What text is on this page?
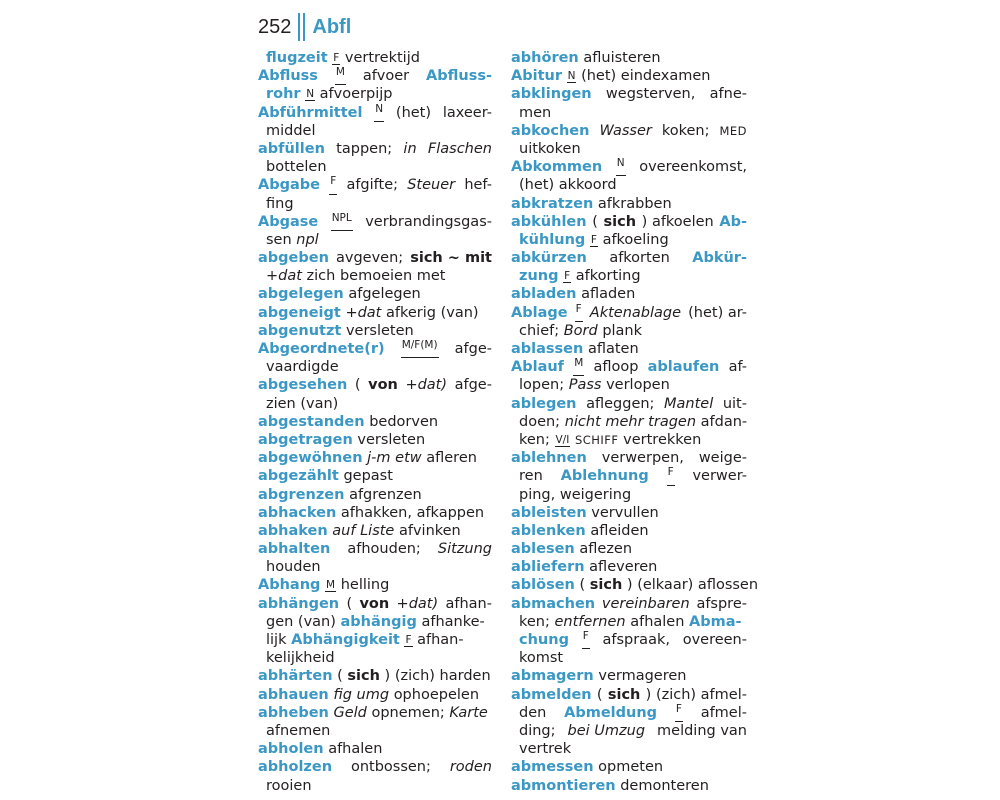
252 Abfl
flugzeit F vertrektijd
Abfluss M afvoer Abfluss-
rohr N afvoerpijp
Abführmittel N (het) laxeer-
middel
abfüllen tappen; in Flaschen
bottelen
Abgabe F afgifte; Steuer hef-
fing
Abgase NPL verbrandingsgas-
sen npl
abgeben avgeven; sich ~ mit
+dat zich bemoeien met
abgelegen afgelegen
abgeneigt +dat afkerig (van)
abgenutzt versleten
Abgeordnete(r) M/F(M) afge-
vaardigde
abgesehen ( von +dat) afge-
zien (van)
abgestanden bedorven
abgetragen versleten
abgewöhnen j-m etw afleren
abgezählt gepast
abgrenzen afgrenzen
abhacken afhakken, afkappen
abhaken auf Liste afvinken
abhalten afhouden; Sitzung
houden
Abhang M helling
abhängen ( von +dat) afhan-
gen (van) abhängig afhanke-
lijk Abhängigkeit F afhan-
kelijkheid
abhärten ( sich ) (zich) harden
abhauen fig umg ophoepelen
abheben Geld opnemen; Karte
afnemen
abholen afhalen
abholzen ontbossen; roden
rooien
abhören afluisteren
Abitur N (het) eindexamen
abklingen wegsterven, afne-
men
abkochen Wasser koken; MED
uitkoken
Abkommen N overeenkomst,
(het) akkoord
abkratzen afkrabben
abkühlen ( sich ) afkoelen Ab-
kühlung F afkoeling
abkürzen afkorten Abkür-
zung F afkorting
abladen afladen
Ablage F Aktenablage (het) ar-
chief; Bord plank
ablassen aflaten
Ablauf M afloop ablaufen af-
lopen; Pass verlopen
ablegen afleggen; Mantel uit-
doen; nicht mehr tragen afdan-
ken; V/I SCHIFF vertrekken
ablehnen verwerpen, weige-
ren Ablehnung F verwer-
ping, weigering
ableisten vervullen
ablenken afleiden
ablesen aflezen
abliefern afleveren
ablösen ( sich ) (elkaar) aflossen
abmachen vereinbaren afspre-
ken; entfernen afhalen Abma-
chung F afspraak, overeen-
komst
abmagern vermageren
abmelden ( sich ) (zich) afmel-
den Abmeldung F afmel-
ding; bei Umzug melding van
vertrek
abmessen opmeten
abmontieren demonteren
